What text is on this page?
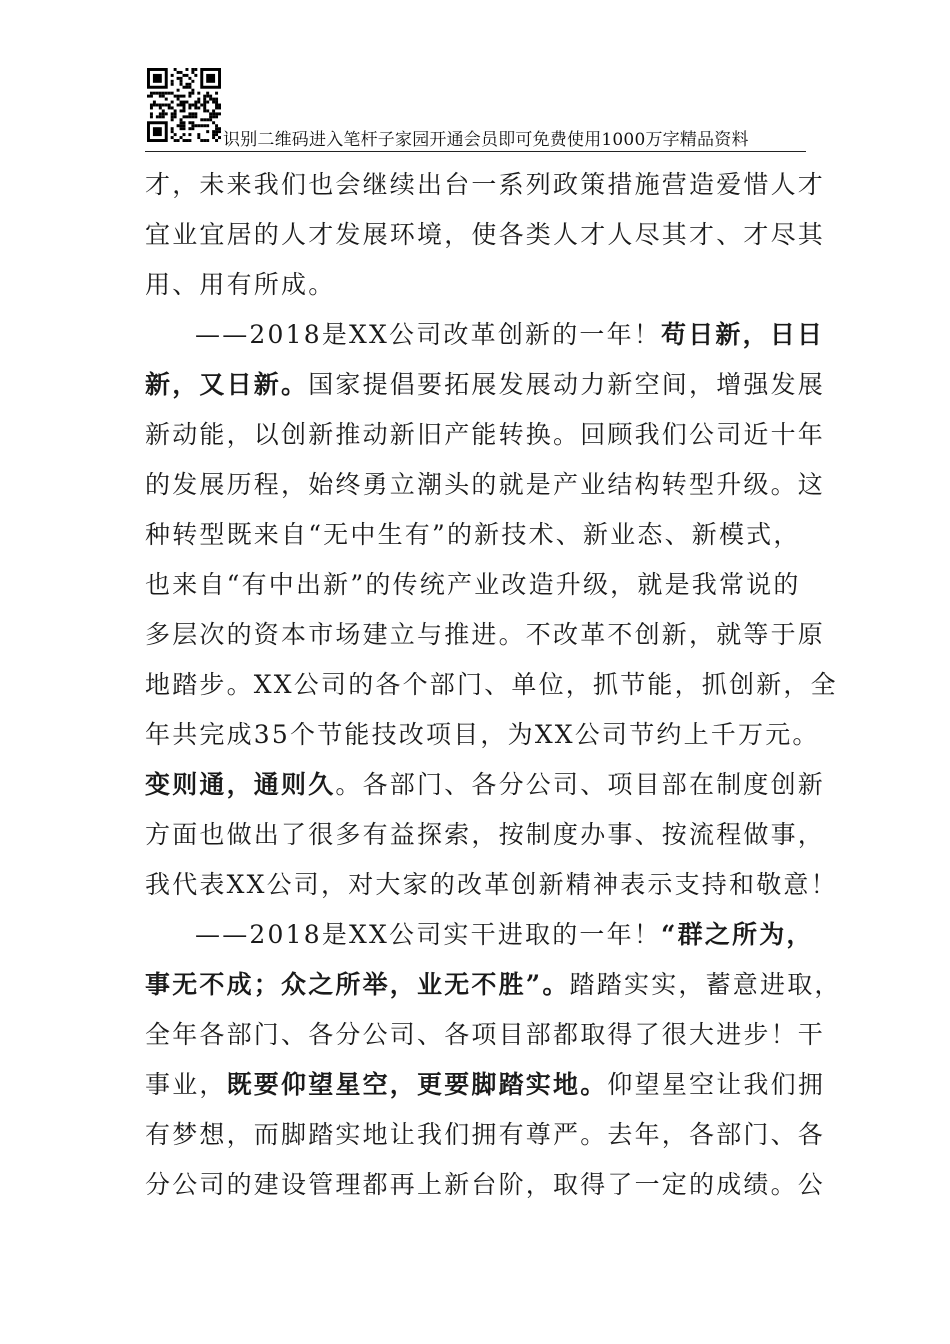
识别二维码进入笔杆子家园开通会员即可免费使用1000万字精品资料
才，未来我们也会继续出台一系列政策措施营造爱惜人才
宜业宜居的人才发展环境，使各类人才人尽其才、才尽其
用、用有所成。
——2018是XX公司改革创新的一年！苟日新，日日
新，又日新。国家提倡要拓展发展动力新空间，增强发展
新动能，以创新推动新旧产能转换。回顾我们公司近十年
的发展历程，始终勇立潮头的就是产业结构转型升级。这
种转型既来自“无中生有”的新技术、新业态、新模式，
也来自“有中出新”的传统产业改造升级，就是我常说的
多层次的资本市场建立与推进。不改革不创新，就等于原
地踏步。XX公司的各个部门、单位，抓节能，抓创新，全
年共完成35个节能技改项目，为XX公司节约上千万元。
变则通，通则久。各部门、各分公司、项目部在制度创新
方面也做出了很多有益探索，按制度办事、按流程做事，
我代表XX公司，对大家的改革创新精神表示支持和敬意！
——2018是XX公司实干进取的一年！“群之所为，
事无不成；众之所举，业无不胜”。踏踏实实，蓄意进取，
全年各部门、各分公司、各项目部都取得了很大进步！干
事业，既要仰望星空，更要脚踏实地。仰望星空让我们拥
有梦想，而脚踏实地让我们拥有尊严。去年，各部门、各
分公司的建设管理都再上新台阶，取得了一定的成绩。公
